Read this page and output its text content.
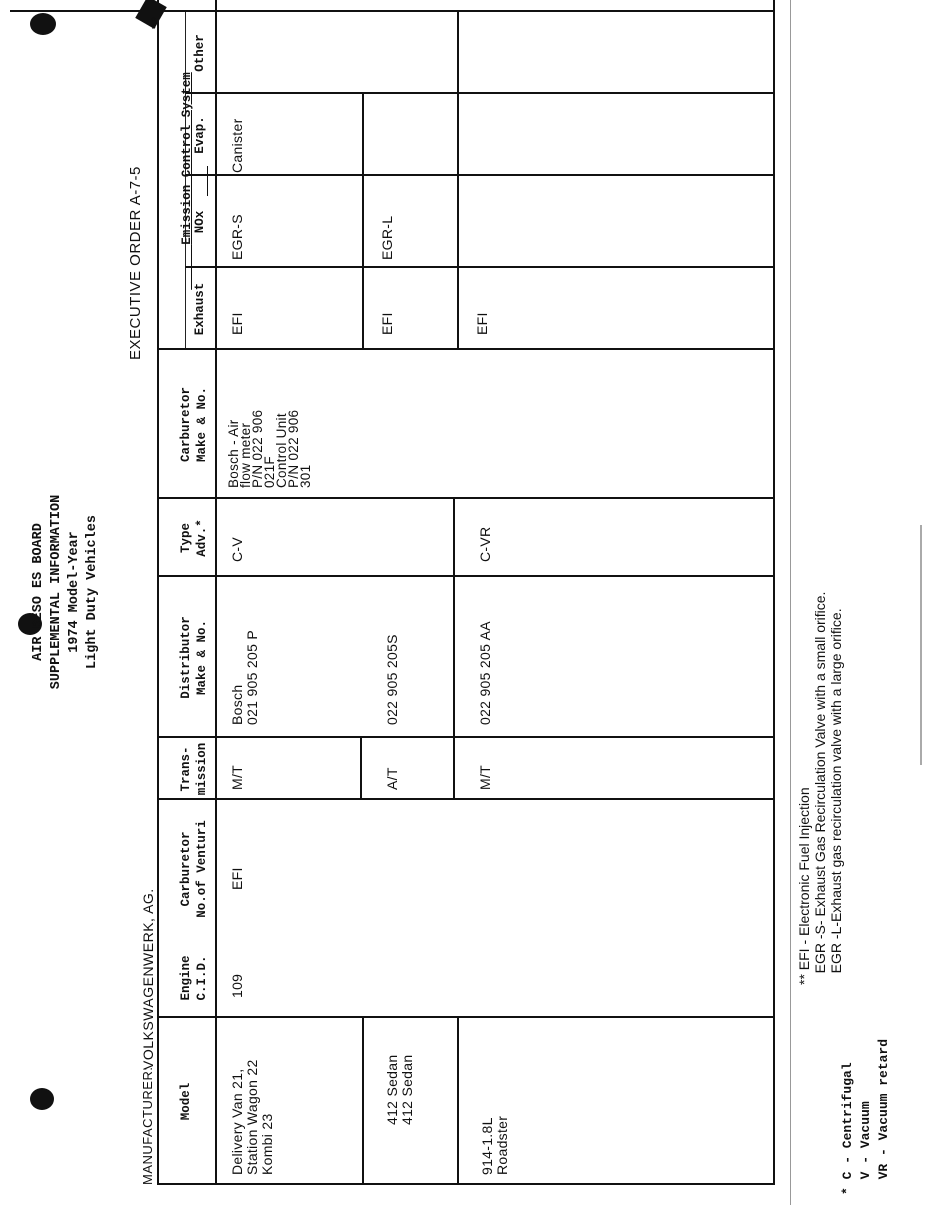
AIR RESO ES BOARD SUPPLEMENTAL INFORMATION 1974 Model-Year Light Duty Vehicles
MANUFACTURER:
VOLKSWAGENWERK, AG.
EXECUTIVE ORDER A-7-5
Model
Engine
C.I.D.
Carburetor
No.of Venturi
Trans-
mission
Distributor
Make & No.
Type
Adv.*
Carburetor
Make & No.

Emission Control System

**
Exhaust
NOx
Evap.
Other
Delivery Van 21,
Station Wagon 22
Kombi 23
109
EFI
M/T
Bosch
021 905 205 P
C-V
Bosch - Air
flow meter
P/N 022 906
021F
Control Unit
P/N 022 906
301
EFI
EGR-S
Canister
412 Sedan
412 Sedan
A/T
022 905 205S
EFI
EGR-L
914-1.8L
Roadster
M/T
022 905 205 AA
C-VR
EFI
* C - Centrifugal V - Vacuum VR - Vacuum retard
** EFI - Electronic Fuel Injection EGR -S- Exhaust Gas Recirculation Valve with a small orifice. EGR -L-Exhaust gas recirculation valve with a large orifice.
